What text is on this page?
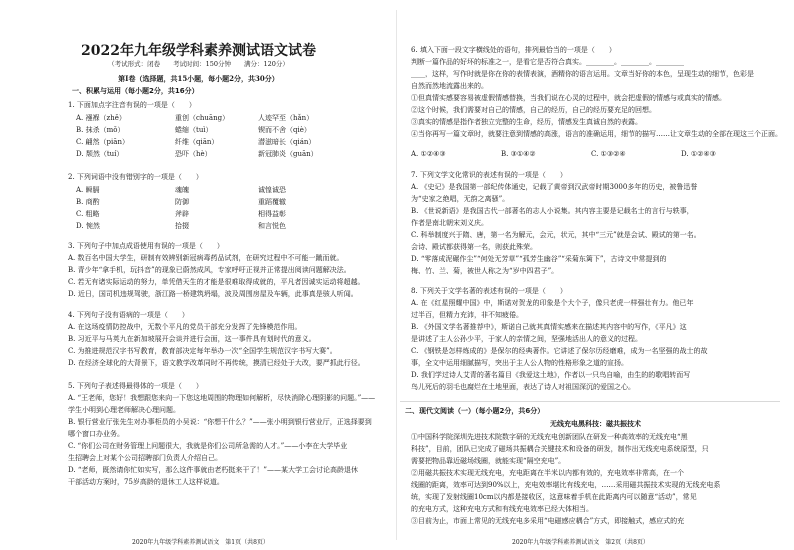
2022年九年级学科素养测试语文试卷
（考试形式：闭卷　　考试时间：150分钟　　满分：120分）
第Ⅰ卷（选择题，共15小题，每小题2分，共30分）
一、积累与运用（每小题2分，共16分）
1. 下面加点字注音有误的一项是（　　）
A. 襁褓（zhě）	重创（chuāng）	人迹罕至（hǎn）
B. 抹杀（mǒ）	蜷缩（tuì）	锲而不舍（qiè）
C. 翩然（piān）	纤维（qiān）	潜滋暗长（qián）
D. 颓然（tuí）	恐吓（hè）	新冠肺炎（guān）
2. 下列词语中没有错别字的一项是（　　）
A. 瞬膈	魂魄	诚惶诚恐
B. 商酌	防御	重蹈覆辙
C. 粗略	斧辟	相得益彰
D. 惋然	拾掇	和言悦色
3. 下列句子中加点成语使用有误的一项是（　　）
A. 数百名中国大学生，研制有效辨别新冠病毒药品试剂，在研究过程中不可能一蹴而就。
B. 青少年“拿手机，玩抖音”的现象已蔚然成风，专家呼吁正视并正常提出阅读问题解决法。
C. 若无有诸实际运动的努力，单凭借天生的才能是很难取得成就的，平凡者因诚实运动将超越。
D. 近日，国司机违规驾驶，浙江路一桥建筑坍塌，波及周围房屋及车辆，此事真是骇人听闻。
4. 下列句子没有语病的一项是（　　）
A. 在这场疫情防控战中，无数个平凡的党员干部充分发挥了先锋模范作用。
B. 习近平与马英九在新加坡展开会谈并进行会面，这一事件具有划时代的意义。
C. 为推进规范汉字书写教育，教育部决定每年举办一次“全国学生规范汉字书写大赛”。
D. 在经济全球化的大背景下，语文教学改革同时不再传统，摸清已经处于大改，要严抓此行径。
5. 下列句子表述得最得体的一项是（　　）
A. “王老师，您好！我想跟您来向一下您这地周围的物理如何解析，尽快消除心理阴影的问题。”——
学生小明到心理老师解决心理问题。
B. 银行营业厅张先生对办事柜员的小吴说：“你想干什么？”——张小明到银行营业厅，正选择要到
哪个窗口办业务。
C. “你们公司在财务管理上问题很大，我就是你们公司所急需的人才。”——小李在大学毕业
生招聘会上对某个公司招聘部门负责人介绍自己。
D. “老师，既然请你忙如实写，那么这件事就由老朽挺来干了！”——某大学工会讨论高龄退休
干部活动方案时，75岁高龄的退休工人这样说道。
2020年九年级学科素养测试语文　第1页（共8页）
6. 填入下面一段文字横线处的语句，排列最恰当的一项是（　　）
判断一篇作品的好坏的标准之一，是看它是否符合真实。________。________。________
____，这样，写作时就是你在你的表情表演，酒精你的语言运用。文章当好你的本色，呈现生动的细节，色彩是
自然而然地流露出来的。
①但真情实感要容易被虚假情感替换，当我们说在心灵的过程中，就会把虚假的情感与或真实的情感。
②这个时候，我们需要对自己的情感，自己的经历，自己的经历要充足的回想。
③真实的情感是指作者独立完整的生命，经历，情感发生真诚自然的表露。
④当你再写一篇文章时，就要注意到情感的高涨，语言的准确运用，细节的描写……让文章生动的全部在现这三个正面。
A. ①②④③	B. ③①④②	C. ①③②④	D. ①②④③
7. 下列文学文化常识的表述有误的一项是（　　）
A. 《史记》是我国第一部纪传体通史，记载了黄帝到汉武帝时期3000多年的历史，被鲁迅誉
为“史家之绝唱，无韵之离骚”。
B. 《世说新语》是我国古代一部著名的志人小说集。其内容主要是记载名士的言行与轶事，
作者是南北朝宋刘义庆。
C. 科举制度兴于隋、唐，第一名为解元，会元，状元，其中“三元”就是会试、殿试的第一名。
会诗、殿试都获得第一名，则获此殊荣。
D. “零落成泥碾作尘”“何处无芳草”“孤芳生幽谷”“采菊东篱下”，古诗文中常提到的
梅、竹、兰、菊，被世人称之为“岁中四君子”。
8. 下列关于文学名著的表述有误的一项是（　　）
A. 在《红星照耀中国》中，斯诺对贺龙的印象是个大个子，像只老虎一样强壮有力。他已年
过半百，但精力充沛，非不知疲倦。
B. 《外国文学名著推荐中》，斯诺自己就其真情实感来在描述其内容中的写作，《平凡》这
是讲述了主人公孙少平，于家人的亲情之间，坚强地活出人的意义的过程。
C. 《钢铁是怎样炼成的》是保尔的经典著作。它讲述了保尔历经磨难，成为一名坚强的战士的故
事，全文中运用细腻描写，突出于主人公人物的性格形象之道的宣扬。
D. 我们学过诗人艾青的著名篇目《我爱这土地》，作者以一只鸟自喻，由生的的歌唱转而写
鸟儿死后的羽毛也腐烂在土地里面，表达了诗人对祖国深沉的爱国之心。
二、现代文阅读（一）（每小题2分，共6分）
无线充电黑科技：磁共振技术
①中国科学院深圳先进技术院数字研的无线充电创新团队在研发一种高效率的无线充电“黑
科技”，目前，团队已完成了磁场共振耦合关键技术和设备的研发，制作出无线充电系统原型，只
需要把物品靠近磁场线圈，就能实现“隔空充电”。
②用磁共振技术实现无线充电，充电距离在半米以内都有效的，充电效率非常高，在一个
线圈的距离，效率可达到90%以上，充电效率堪比有线充电，……采用磁共振技术实现的无线充电系
统，实现了发射线圈10cm以内都是接收区，这意味着手机在此距离内可以随意“活动”，常见
的充电方式，这种充电方式和有线充电效率已经大体相当。
③目前为止，市面上常见的无线充电多采用“电磁感应耦合”方式，即接触式，感应式的充
2020年九年级学科素养测试语文　第2页（共8页）
